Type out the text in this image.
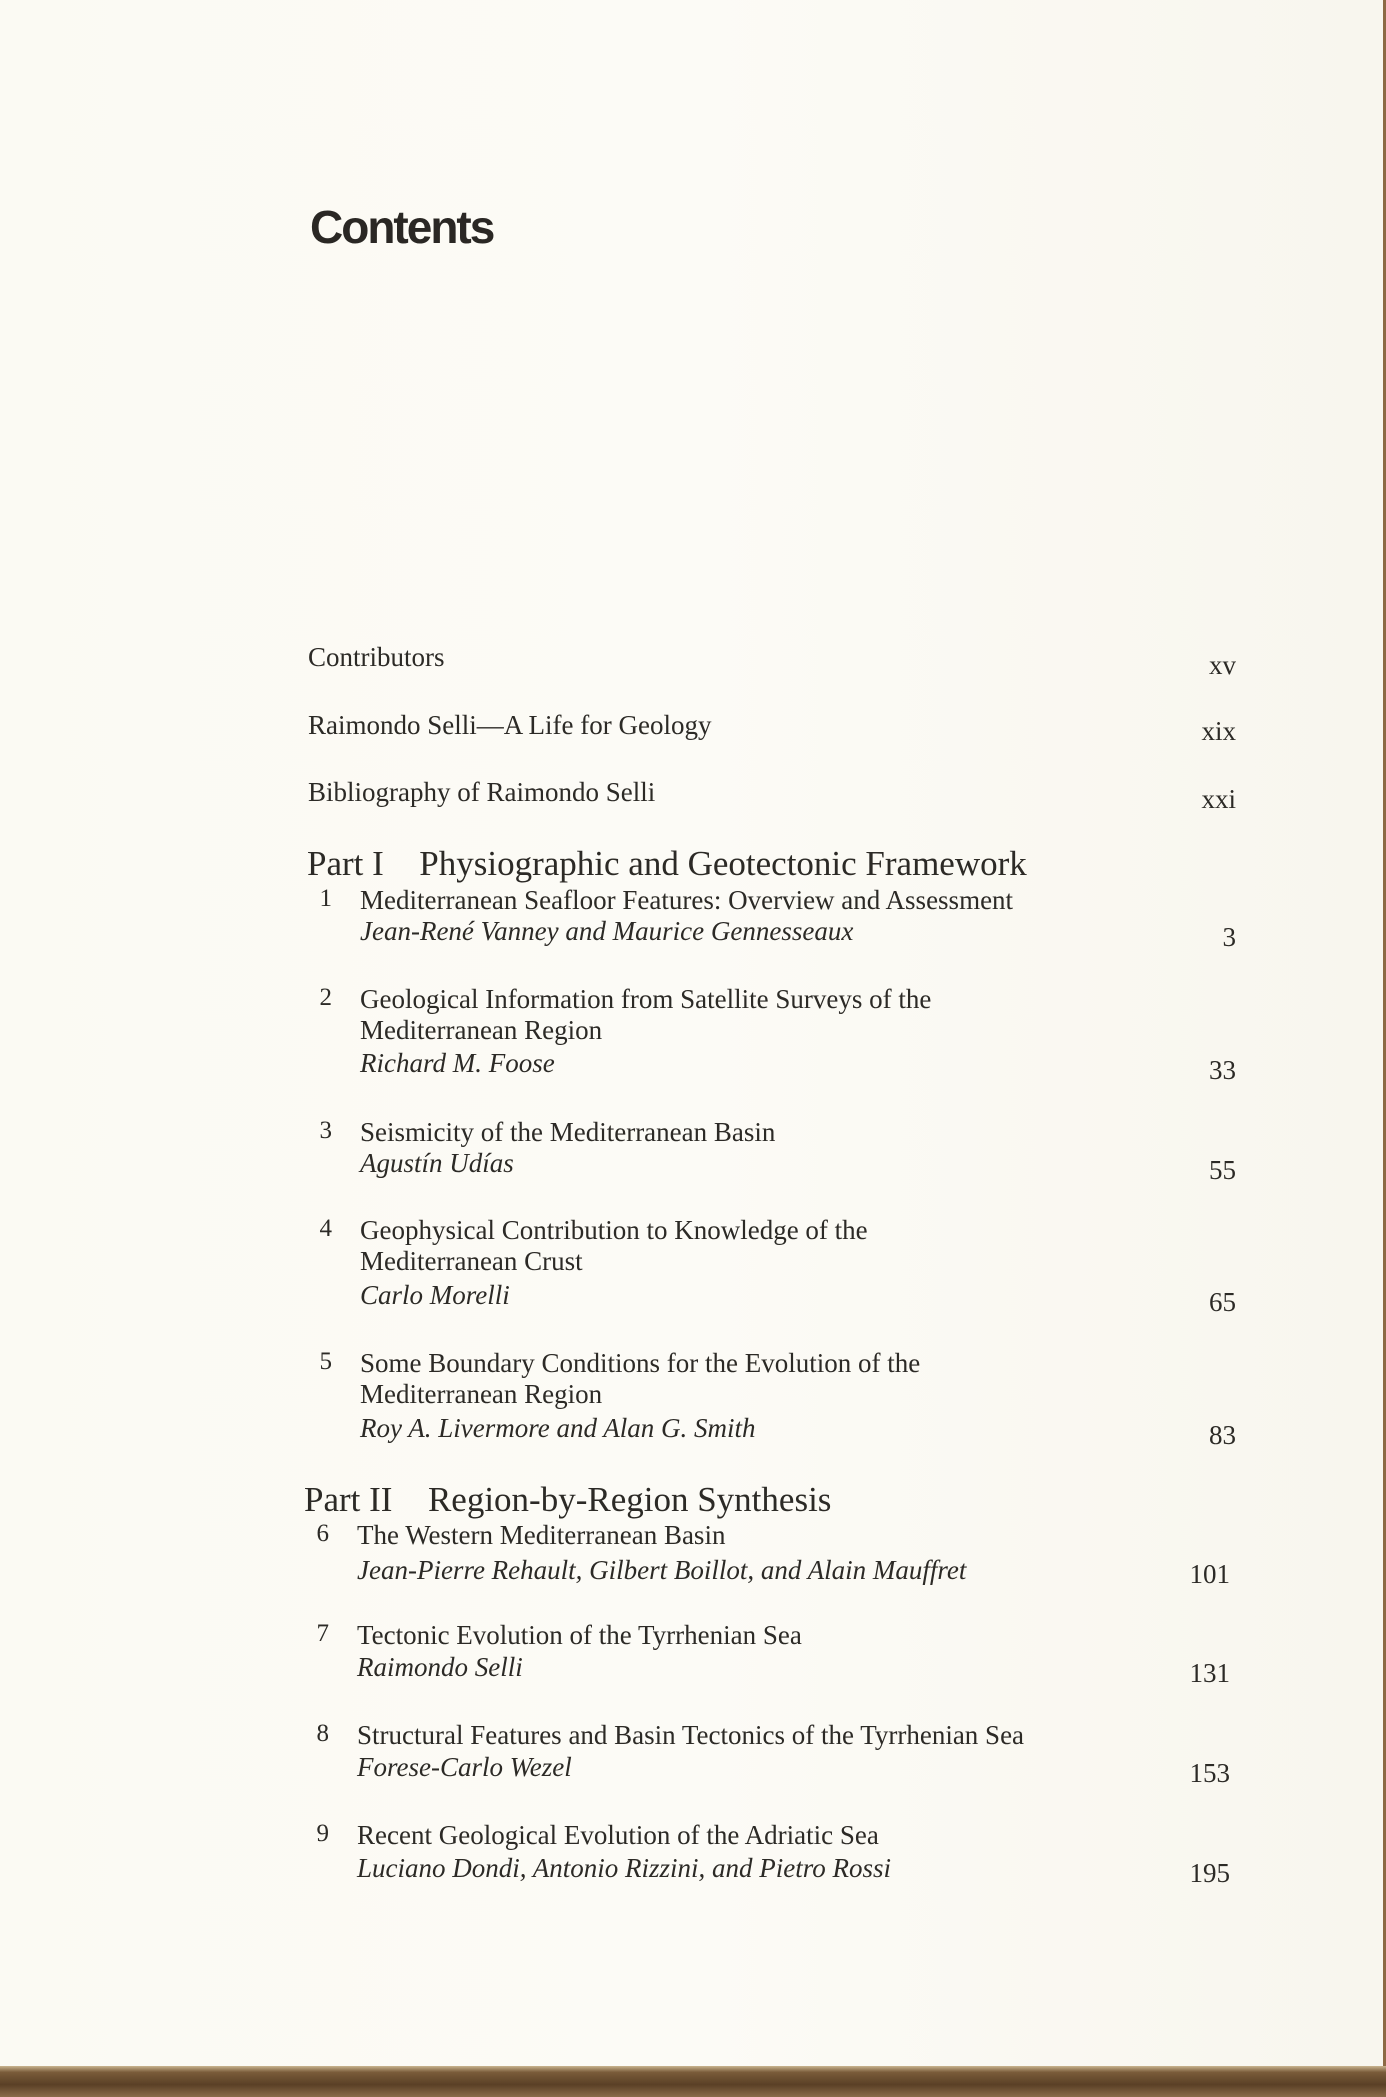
Contents
Contributors	xv
Raimondo Selli—A Life for Geology	xix
Bibliography of Raimondo Selli	xxi
Part I Physiographic and Geotectonic Framework
1 Mediterranean Seafloor Features: Overview and Assessment
Jean-René Vanney and Maurice Gennesseaux	3
2 Geological Information from Satellite Surveys of the
Mediterranean Region
Richard M. Foose	33
3 Seismicity of the Mediterranean Basin
Agustín Udías	55
4 Geophysical Contribution to Knowledge of the
Mediterranean Crust
Carlo Morelli	65
5 Some Boundary Conditions for the Evolution of the
Mediterranean Region
Roy A. Livermore and Alan G. Smith	83
Part II Region-by-Region Synthesis
6 The Western Mediterranean Basin
Jean-Pierre Rehault, Gilbert Boillot, and Alain Mauffret	101
7 Tectonic Evolution of the Tyrrhenian Sea
Raimondo Selli	131
8 Structural Features and Basin Tectonics of the Tyrrhenian Sea
Forese-Carlo Wezel	153
9 Recent Geological Evolution of the Adriatic Sea
Luciano Dondi, Antonio Rizzini, and Pietro Rossi	195
